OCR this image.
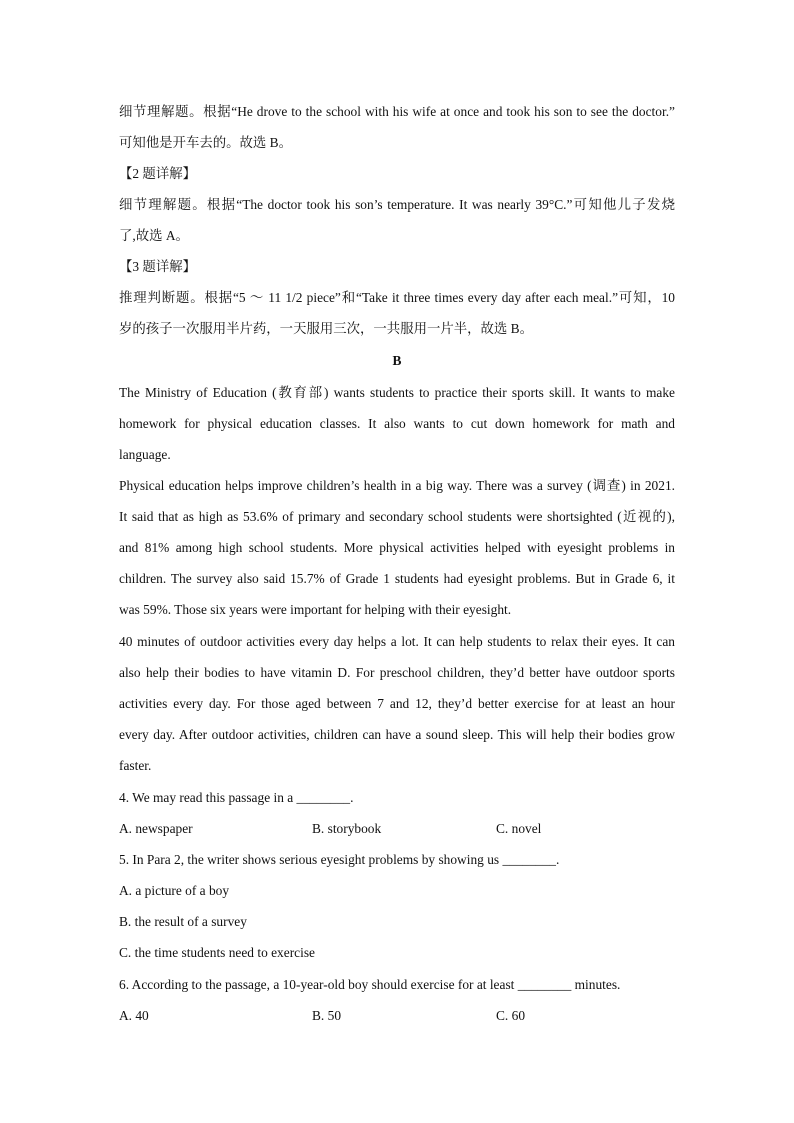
细节理解题。根据“He drove to the school with his wife at once and took his son to see the doctor.”
可知他是开车去的。故选 B。
【2 题详解】
细节理解题。根据“The doctor took his son’s temperature. It was nearly 39°C.”可知他儿子发烧
了,故选 A。
【3 题详解】
推理判断题。根据“5 ～ 11 1/2 piece”和“Take it three times every day after each meal.”可知，10
岁的孩子一次服用半片药，一天服用三次，一共服用一片半，故选 B。
B
The Ministry of Education (教育部) wants students to practice their sports skill. It wants to make
homework for physical education classes. It also wants to cut down homework for math and
language.
Physical education helps improve children’s health in a big way. There was a survey (调查) in 2021.
It said that as high as 53.6% of primary and secondary school students were shortsighted (近视的),
and 81% among high school students. More physical activities helped with eyesight problems in
children. The survey also said 15.7% of Grade 1 students had eyesight problems. But in Grade 6, it
was 59%. Those six years were important for helping with their eyesight.
40 minutes of outdoor activities every day helps a lot. It can help students to relax their eyes. It can
also help their bodies to have vitamin D. For preschool children, they’d better have outdoor sports
activities every day. For those aged between 7 and 12, they’d better exercise for at least an hour
every day. After outdoor activities, children can have a sound sleep. This will help their bodies grow
faster.
4. We may read this passage in a ________.
A. newspaper	B. storybook	C. novel
5. In Para 2, the writer shows serious eyesight problems by showing us ________.
A. a picture of a boy
B. the result of a survey
C. the time students need to exercise
6. According to the passage, a 10-year-old boy should exercise for at least ________ minutes.
A. 40	B. 50	C. 60
